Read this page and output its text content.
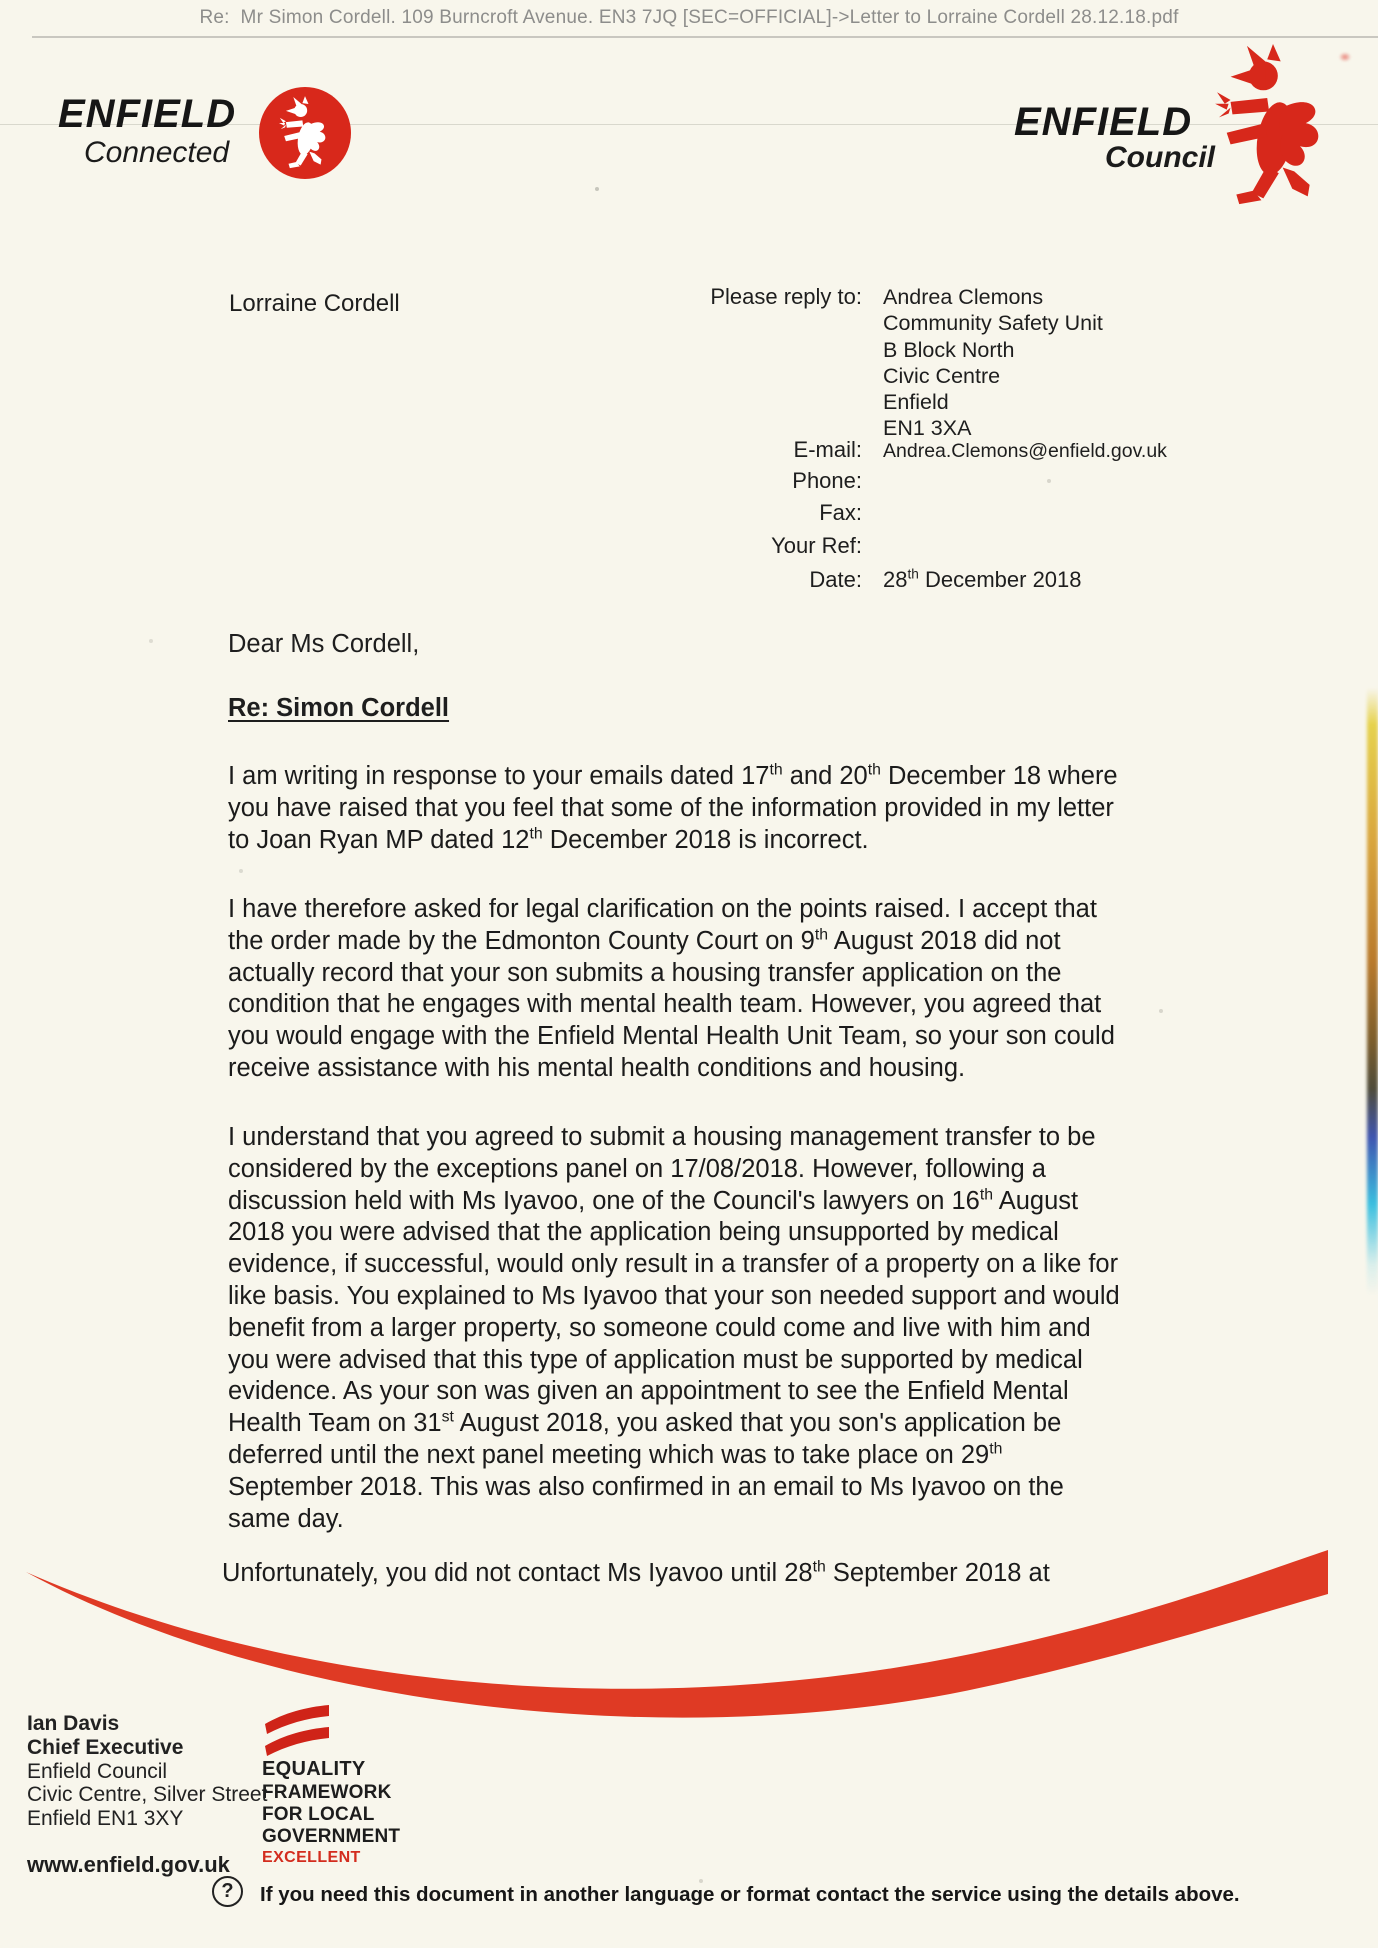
Re:  Mr Simon Cordell. 109 Burncroft Avenue. EN3 7JQ [SEC=OFFICIAL]->Letter to Lorraine Cordell 28.12.18.pdf
ENFIELD
Connected
ENFIELD
Council
Lorraine Cordell	Please reply to: Andrea Clemons
Community Safety Unit
B Block North
Civic Centre
Enfield
EN1 3XA
E-mail: Andrea.Clemons@enfield.gov.uk
Phone:
Fax:
Your Ref:
Date: 28th December 2018
Dear Ms Cordell,
Re: Simon Cordell
I am writing in response to your emails dated 17th and 20th December 18 where
you have raised that you feel that some of the information provided in my letter
to Joan Ryan MP dated 12th December 2018 is incorrect.
I have therefore asked for legal clarification on the points raised. I accept that
the order made by the Edmonton County Court on 9th August 2018 did not
actually record that your son submits a housing transfer application on the
condition that he engages with mental health team. However, you agreed that
you would engage with the Enfield Mental Health Unit Team, so your son could
receive assistance with his mental health conditions and housing.
I understand that you agreed to submit a housing management transfer to be
considered by the exceptions panel on 17/08/2018. However, following a
discussion held with Ms Iyavoo, one of the Council's lawyers on 16th August
2018 you were advised that the application being unsupported by medical
evidence, if successful, would only result in a transfer of a property on a like for
like basis. You explained to Ms Iyavoo that your son needed support and would
benefit from a larger property, so someone could come and live with him and
you were advised that this type of application must be supported by medical
evidence. As your son was given an appointment to see the Enfield Mental
Health Team on 31st August 2018, you asked that you son's application be
deferred until the next panel meeting which was to take place on 29th
September 2018. This was also confirmed in an email to Ms Iyavoo on the
same day.
Unfortunately, you did not contact Ms Iyavoo until 28th September 2018 at
Ian Davis
Chief Executive
Enfield Council
Civic Centre, Silver Street
Enfield EN1 3XY
www.enfield.gov.uk
EQUALITY
FRAMEWORK
FOR LOCAL
GOVERNMENT
EXCELLENT
? If you need this document in another language or format contact the service using the details above.
